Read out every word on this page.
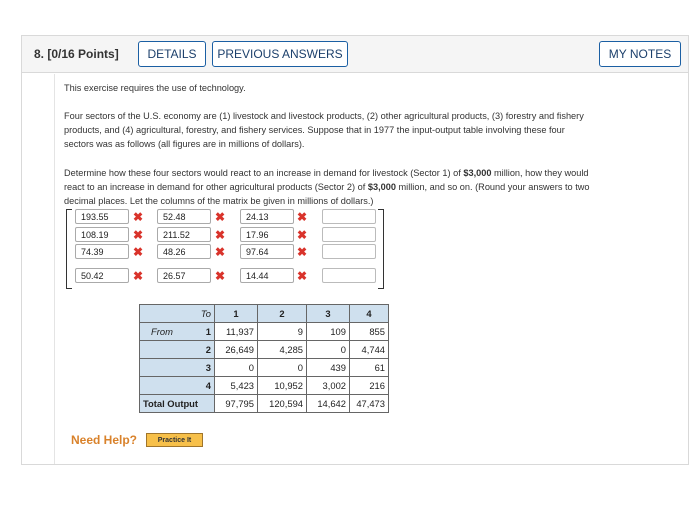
8. [0/16 Points]	DETAILS	PREVIOUS ANSWERS	MY NOTES
This exercise requires the use of technology.
Four sectors of the U.S. economy are (1) livestock and livestock products, (2) other agricultural products, (3) forestry and fishery
products, and (4) agricultural, forestry, and fishery services. Suppose that in 1977 the input-output table involving these four
sectors was as follows (all figures are in millions of dollars).
Determine how these four sectors would react to an increase in demand for livestock (Sector 1) of $3,000 million, how they would
react to an increase in demand for other agricultural products (Sector 2) of $3,000 million, and so on. (Round your answers to two
decimal places. Let the columns of the matrix be given in millions of dollars.)
193.55	✖	52.48	✖	24.13	✖
108.19	✖	211.52	✖	17.96	✖
74.39	✖	48.26	✖	97.64	✖
50.42	✖	26.57	✖	14.44	✖
To	1	2	3	4

From 1	11,937	9	109	855
2	26,649	4,285	0	4,744
3	0	0	439	61
4	5,423	10,952	3,002	216
Total Output	97,795	120,594	14,642	47,473
Need Help?	Practice It
